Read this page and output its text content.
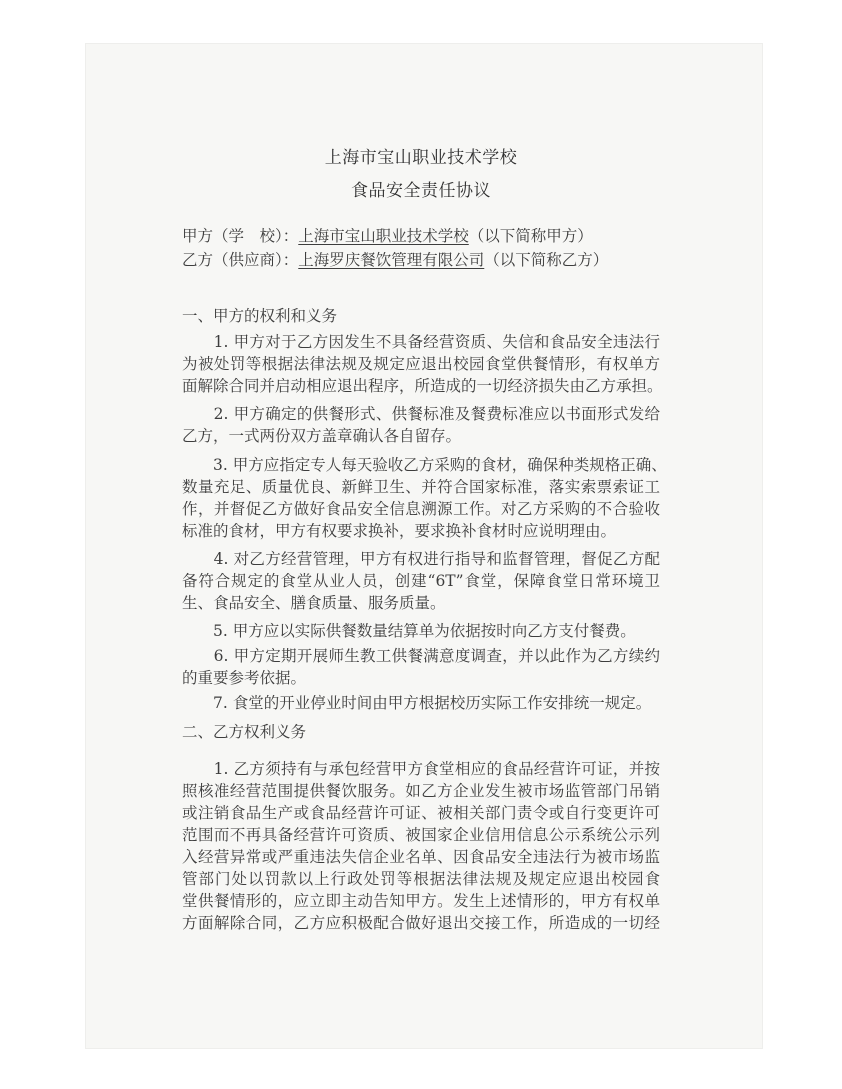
上海市宝山职业技术学校
食品安全责任协议
甲方（学　校）：上海市宝山职业技术学校（以下简称甲方）
乙方（供应商）：上海罗庆餐饮管理有限公司（以下简称乙方）
一、甲方的权利和义务
　　1. 甲方对于乙方因发生不具备经营资质、失信和食品安全违法行
为被处罚等根据法律法规及规定应退出校园食堂供餐情形，有权单方
面解除合同并启动相应退出程序，所造成的一切经济损失由乙方承担。
　　2. 甲方确定的供餐形式、供餐标准及餐费标准应以书面形式发给
乙方，一式两份双方盖章确认各自留存。
　　3. 甲方应指定专人每天验收乙方采购的食材，确保种类规格正确、
数量充足、质量优良、新鲜卫生、并符合国家标准，落实索票索证工
作，并督促乙方做好食品安全信息溯源工作。对乙方采购的不合验收
标准的食材，甲方有权要求换补，要求换补食材时应说明理由。
　　4. 对乙方经营管理，甲方有权进行指导和监督管理，督促乙方配
备符合规定的食堂从业人员，创建“6T”食堂，保障食堂日常环境卫
生、食品安全、膳食质量、服务质量。
　　5. 甲方应以实际供餐数量结算单为依据按时向乙方支付餐费。
　　6. 甲方定期开展师生教工供餐满意度调查，并以此作为乙方续约
的重要参考依据。
　　7. 食堂的开业停业时间由甲方根据校历实际工作安排统一规定。
二、乙方权利义务
　　1. 乙方须持有与承包经营甲方食堂相应的食品经营许可证，并按
照核准经营范围提供餐饮服务。如乙方企业发生被市场监管部门吊销
或注销食品生产或食品经营许可证、被相关部门责令或自行变更许可
范围而不再具备经营许可资质、被国家企业信用信息公示系统公示列
入经营异常或严重违法失信企业名单、因食品安全违法行为被市场监
管部门处以罚款以上行政处罚等根据法律法规及规定应退出校园食
堂供餐情形的，应立即主动告知甲方。发生上述情形的，甲方有权单
方面解除合同，乙方应积极配合做好退出交接工作，所造成的一切经
